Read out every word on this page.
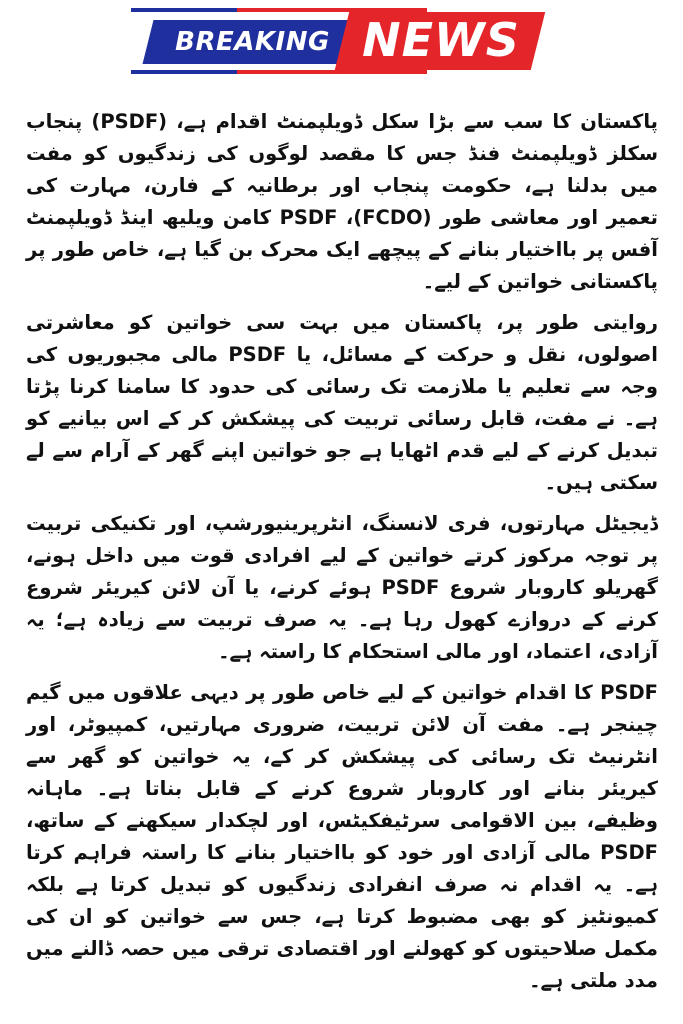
BREAKING NEWS

پاکستان کا سب سے بڑا سکل ڈویلپمنٹ اقدام ہے، (PSDF) پنجاب سکلز ڈویلپمنٹ فنڈ جس کا مقصد لوگوں کی زندگیوں کو مفت میں بدلنا ہے، حکومت پنجاب اور برطانیہ کے فارن، مہارت کی تعمیر اور معاشی طور PSDF ،(FCDO) کامن ویلیھ اینڈ ڈویلپمنٹ آفس پر بااختیار بنانے کے پیچھے ایک محرک بن گیا ہے، خاص طور پر پاکستانی خواتین کے لیے۔

روایتی طور پر، پاکستان میں بہت سی خواتین کو معاشرتی اصولوں، نقل و حرکت کے مسائل، یا PSDF مالی مجبوریوں کی وجہ سے تعلیم یا ملازمت تک رسائی کی حدود کا سامنا کرنا پڑتا ہے۔ نے مفت، قابل رسائی تربیت کی پیشکش کر کے اس بیانیے کو تبدیل کرنے کے لیے قدم اٹھایا ہے جو خواتین اپنے گھر کے آرام سے لے سکتی ہیں۔

ڈیجیٹل مہارتوں، فری لانسنگ، انٹرپرینیورشپ، اور تکنیکی تربیت پر توجہ مرکوز کرتے خواتین کے لیے افرادی قوت میں داخل ہونے، گھریلو کاروبار شروع PSDF ہوئے کرنے، یا آن لائن کیریئر شروع کرنے کے دروازے کھول رہا ہے۔ یہ صرف تربیت سے زیادہ ہے؛ یہ آزادی، اعتماد، اور مالی استحکام کا راستہ ہے۔

PSDF کا اقدام خواتین کے لیے خاص طور پر دیہی علاقوں میں گیم چینجر ہے۔ مفت آن لائن تربیت، ضروری مہارتیں، کمپیوٹر، اور انٹرنیٹ تک رسائی کی پیشکش کر کے، یہ خواتین کو گھر سے کیریئر بنانے اور کاروبار شروع کرنے کے قابل بناتا ہے۔ ماہانہ وظیفے، بین الاقوامی سرٹیفکیٹس، اور لچکدار سیکھنے کے ساتھ، PSDF مالی آزادی اور خود کو بااختیار بنانے کا راستہ فراہم کرتا ہے۔ یہ اقدام نہ صرف انفرادی زندگیوں کو تبدیل کرتا ہے بلکہ کمیونٹیز کو بھی مضبوط کرتا ہے، جس سے خواتین کو ان کی مکمل صلاحیتوں کو کھولنے اور اقتصادی ترقی میں حصہ ڈالنے میں مدد ملتی ہے۔
